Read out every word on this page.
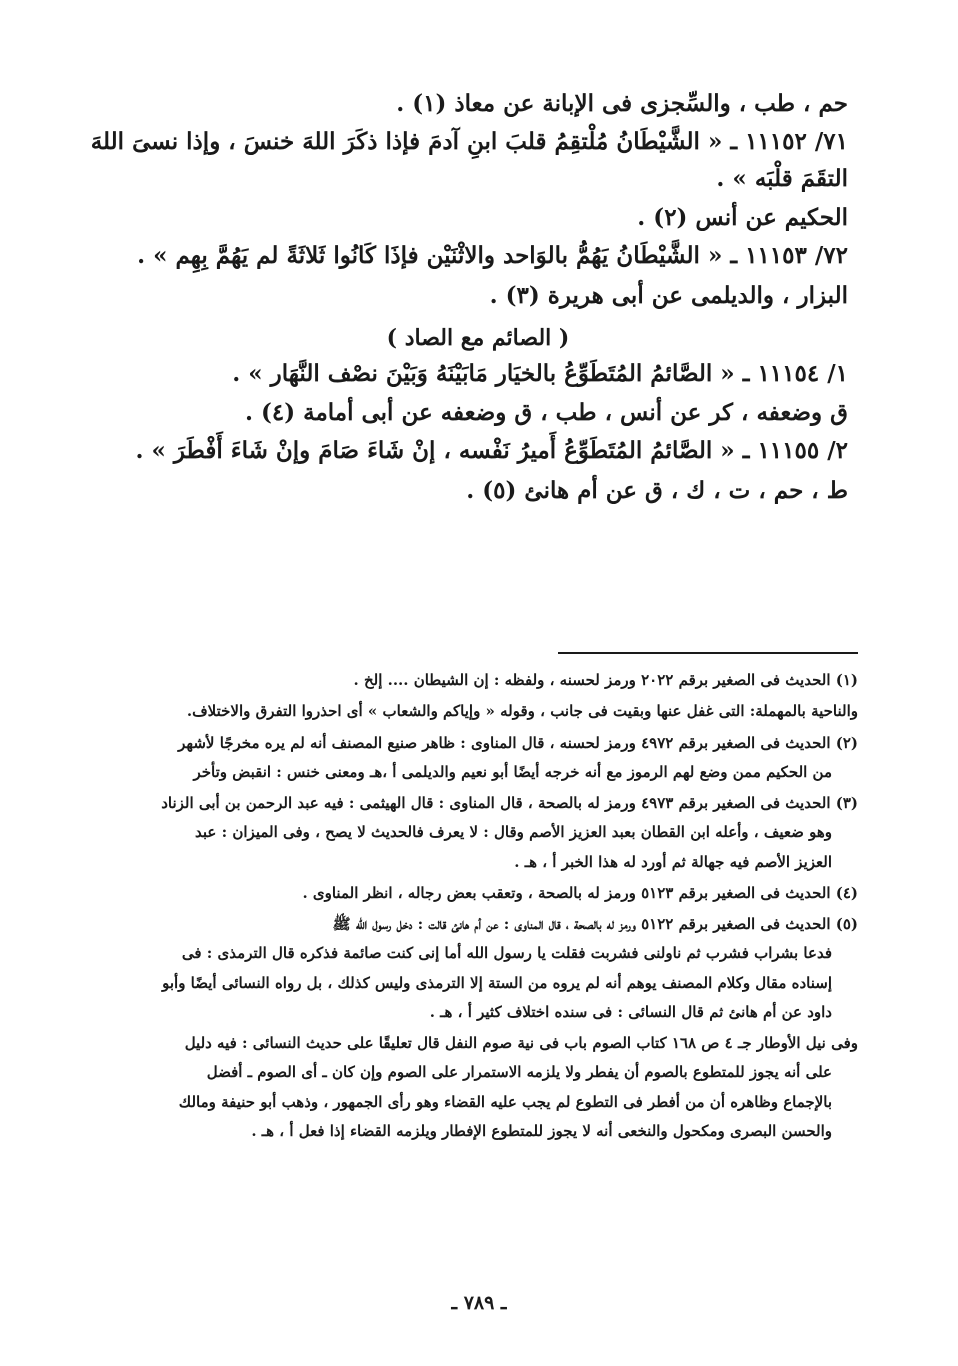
حم ، طب ، والسِّجزى فى الإبانة عن معاذ (١) .

٧١/ ١١١٥٢ ـ « الشَّيْطَانُ مُلْتقِمُ قلبَ ابنِ آدمَ فإذا ذكَرَ اللهَ خنسَ ، وإذا نسىَ اللهَ

التقَمَ قلْبَه » .

الحكيم عن أنس (٢) .

٧٢/ ١١١٥٣ ـ « الشَّيْطَانُ يَهُمُّ بالوَاحد والاثْنَيْن فإذَا كَانُوا ثَلاثَةً لم يَهُمَّ بِهِم » .

البزار ، والديلمى عن أبى هريرة (٣) .

( الصائم مع الصاد )

١/ ١١١٥٤ ـ « الصَّائمُ المُتَطَوِّعُ بالخيَار مَابَيْنَهُ وَبَيْنَ نصْف النَّهَار » .

ق وضعفه ، كر عن أنس ، طب ، ق وضعفه عن أبى أمامة (٤) .

٢/ ١١١٥٥ ـ « الصَّائمُ المُتَطَوِّعُ أَميرُ نَفْسه ، إنْ شَاءَ صَامَ وإنْ شَاءَ أَفْطَرَ » .

ط ، حم ، ت ، ك ، ق عن أم هانئ (٥) .

(١) الحديث فى الصغير برقم ٢٠٢٢ ورمز لحسنه ، ولفظه : إن الشيطان .... إلخ .

والناحية بالمهملة: التى غفل عنها وبقيت فى جانب ، وقوله « وإياكم والشعاب » أى احذروا التفرق والاختلاف.

(٢) الحديث فى الصغير برقم ٤٩٧٢ ورمز لحسنه ، قال المناوى : ظاهر صنيع المصنف أنه لم يره مخرجًا لأشهر
من الحكيم ممن وضع لهم الرموز مع أنه خرجه أيضًا أبو نعيم والديلمى أ ،هـ ومعنى خنس : انقبض وتأخر

(٣) الحديث فى الصغير برقم ٤٩٧٣ ورمز له بالصحة ، قال المناوى : قال الهيثمى : فيه عبد الرحمن بن أبى الزناد
وهو ضعيف ، وأعله ابن القطان بعبد العزيز الأصم وقال : لا يعرف فالحديث لا يصح ، وفى الميزان : عبد
العزيز الأصم فيه جهالة ثم أورد له هذا الخبر أ ، هـ .

(٤) الحديث فى الصغير برقم ٥١٢٣ ورمز له بالصحة ، وتعقب بعض رجاله ، انظر المناوى .

(٥) الحديث فى الصغير برقم ٥١٢٢ ورمز له بالصحة ، قال المناوى : عن أم هانئ قالت : دخل رسول الله ﷺ
فدعا بشراب فشرب ثم ناولنى فشربت فقلت يا رسول الله أما إنى كنت صائمة فذكره قال الترمذى : فى
إسناده مقال وكلام المصنف يوهم أنه لم يروه من الستة إلا الترمذى وليس كذلك ، بل رواه النسائى أيضًا وأبو
داود عن أم هانئ ثم قال النسائى : فى سنده اختلاف كثير أ ، هـ .

وفى نيل الأوطار جـ ٤ ص ١٦٨ كتاب الصوم باب فى نية صوم النفل قال تعليقًا على حديث النسائى : فيه دليل
على أنه يجوز للمتطوع بالصوم أن يفطر ولا يلزمه الاستمرار على الصوم وإن كان ـ أى الصوم ـ أفضل
بالإجماع وظاهره أن من أفطر فى التطوع لم يجب عليه القضاء وهو رأى الجمهور ، وذهب أبو حنيفة ومالك
والحسن البصرى ومكحول والنخعى أنه لا يجوز للمتطوع الإفطار ويلزمه القضاء إذا فعل أ ، هـ .

ـ ٧٨٩ ـ
